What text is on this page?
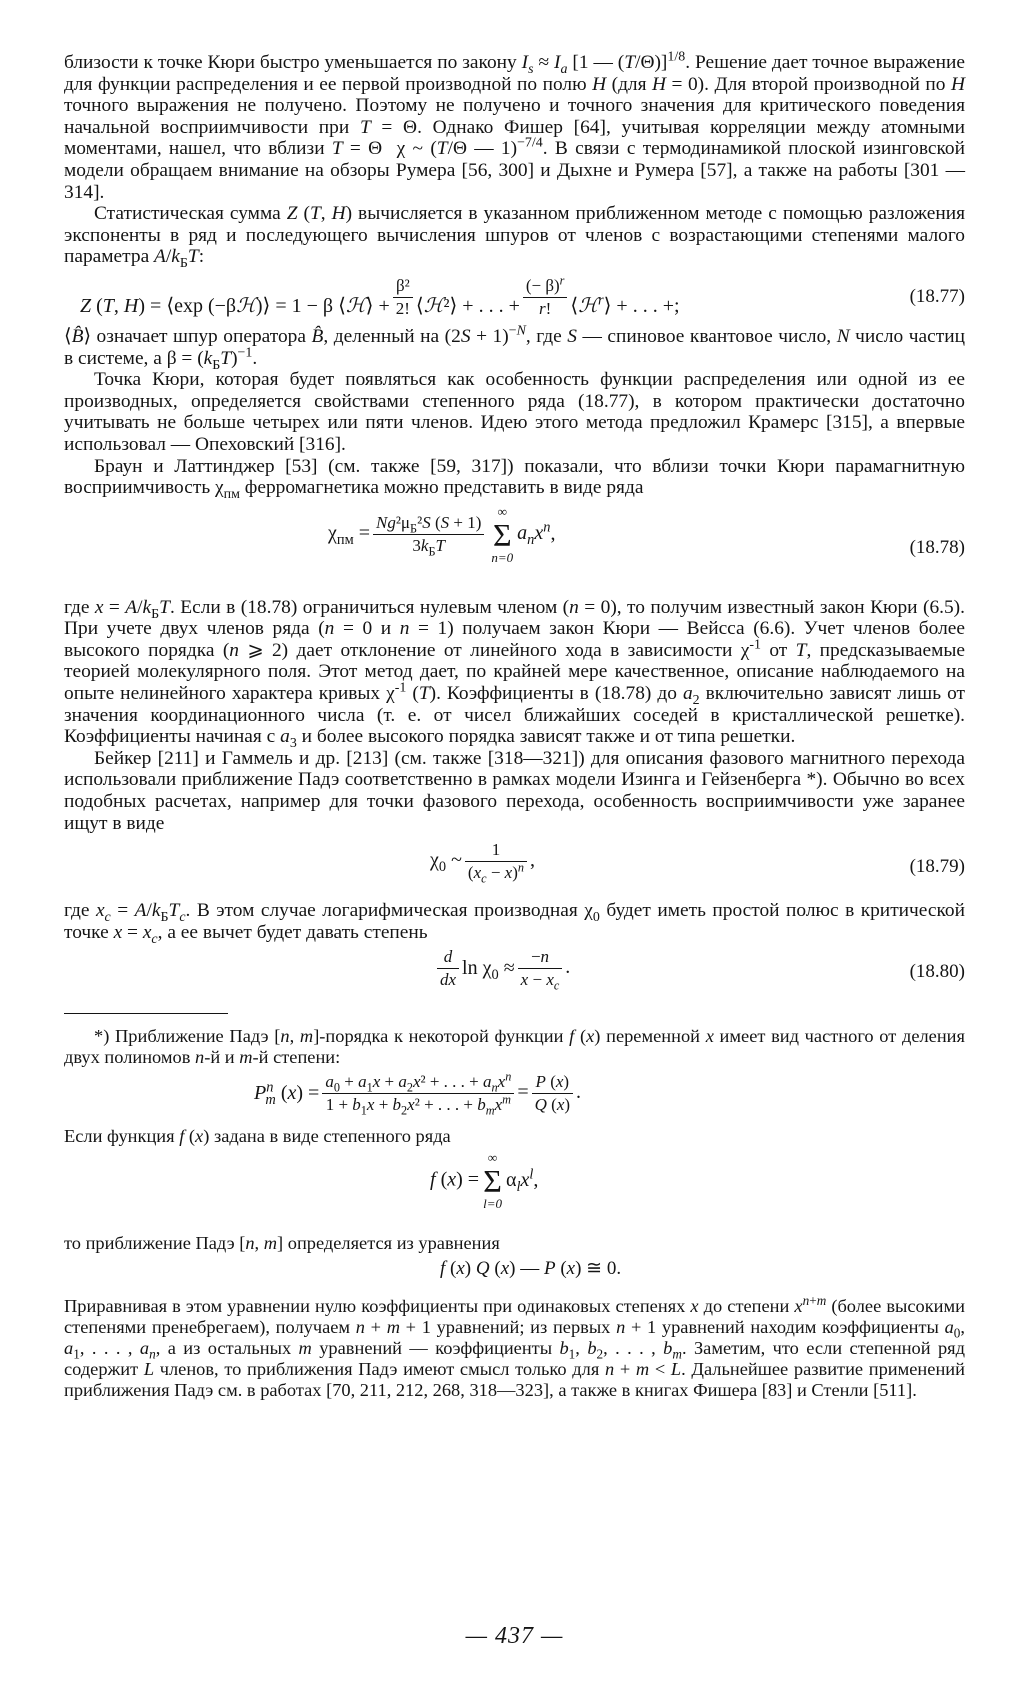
близости к точке Кюри быстро уменьшается по закону $I_s \approx I_a$ [1 — (T/Θ)]$^{1/8}$. Решение дает точное выражение для функции распределения и ее первой производной по полю H (для H = 0). Для второй производной по H точного выражения не получено. Поэтому не получено и точного значения для критического поведения начальной восприимчивости при T = Θ. Однако Фишер [64], учитывая корреляции между атомными моментами, нашел, что вблизи T = Θ  χ ~ (T/Θ — 1)$^{-7/4}$. В связи с термодинамикой плоской изинговской модели обращаем внимание на обзоры Румера [56, 300] и Дыхне и Румера [57], а также на работы [301 —314].

Статистическая сумма Z (T, H) вычисляется в указанном приближенном методе с помощью разложения экспоненты в ряд и последующего вычисления шпуров от членов с возрастающими степенями малого параметра $A/k_БT$:

Z (T, H) = ⟨exp (−βℋ)⟩ = 1 − β ⟨ℋ⟩ + $\frac{\text{β²}}{2!}$ ⟨ℋ²⟩ + . . . + $\frac{(- \beta)^r}{r!}$ ⟨ℋ$^r$⟩ + . . . +;	(18.77)

⟨B̂⟩ означает шпур оператора B̂, деленный на $(2S + 1)^{-N}$, где S — спиновое квантовое число, N число частиц в системе, а $\beta = (k_БT)^{-1}$.

Точка Кюри, которая будет появляться как особенность функции распределения или одной из ее производных, определяется свойствами степенного ряда (18.77), в котором практически достаточно учитывать не больше четырех или пяти членов. Идею этого метода предложил Крамерс [315], а впервые использовал — Опеховский [316].

Браун и Латтинджер [53] (см. также [59, 317]) показали, что вблизи точки Кюри парамагнитную восприимчивость $\chi_{пм}$ ферромагнетика можно представить в виде ряда

$\chi_{пм} = \frac{Ng^2\mu_Б^2S (S + 1)}{3k_БT}$
∞
Σ
n=0
$a_nx^n$,
(18.78)

где $x = A/k_БT$. Если в (18.78) ограничиться нулевым членом (n = 0), то получим известный закон Кюри (6.5). При учете двух членов ряда (n = 0 и n = 1) получаем закон Кюри — Вейсса (6.6). Учет членов более высокого порядка (n ⩾ 2) дает отклонение от линейного хода в зависимости $\chi^{-1}$ от T, предсказываемые теорией молекулярного поля. Этот метод дает, по крайней мере качественное, описание наблюдаемого на опыте нелинейного характера кривых $\chi^{-1}$ (T). Коэффициенты в (18.78) до $a_2$ включительно зависят лишь от значения координационного числа (т. е. от чисел ближайших соседей в кристаллической решетке). Коэффициенты начиная с $a_3$ и более высокого порядка зависят также и от типа решетки.

Бейкер [211] и Гаммель и др. [213] (см. также [318—321]) для описания фазового магнитного перехода использовали приближение Падэ соответственно в рамках модели Изинга и Гейзенберга *). Обычно во всех подобных расчетах, например для точки фазового перехода, особенность восприимчивости уже заранее ищут в виде

$\chi_0$ ~ $\frac{1}{(x_c - x)^n}$ ,	(18.79)

где $x_c = A/k_БT_c$. В этом случае логарифмическая производная $\chi_0$ будет иметь простой полюс в критической точке $x = x_c$, а ее вычет будет давать степень

$\frac{d}{dx}$ $\ln \chi_0 \approx \frac{-n}{x - x_c}$ .	(18.80)

*) Приближение Падэ [n, m]-порядка к некоторой функции f (x) переменной x имеет вид частного от деления двух полиномов n-й и m-й степени:

$P^n_m$ $(x) = \frac{a_0 + a_1x + a_2x^2 + . . . + a_nx^n}{1 + b_1x + b_2x^2 + . . . + b_mx^m} = \frac{P (x)}{Q (x)}$ .

Если функция f (x) задана в виде степенного ряда

f (x) =
∞
Σ
l=0
$\alpha_lx^l$,

то приближение Падэ [n, m] определяется из уравнения

f (x) Q (x) — P (x) ≅ 0.

Приравнивая в этом уравнении нулю коэффициенты при одинаковых степенях x до степени $x^{n+m}$ (более высокими степенями пренебрегаем), получаем n + m + 1 уравнений; из первых n + 1 уравнений находим коэффициенты $a_0$, $a_1$, . . . , $a_n$, а из остальных m уравнений — коэффициенты $b_1$, $b_2$, . . . , $b_m$. Заметим, что если степенной ряд содержит L членов, то приближения Падэ имеют смысл только для n + m < L. Дальнейшее развитие применений приближения Падэ см. в работах [70, 211, 212, 268, 318—323], а также в книгах Фишера [83] и Стенли [511].

— 437 —
